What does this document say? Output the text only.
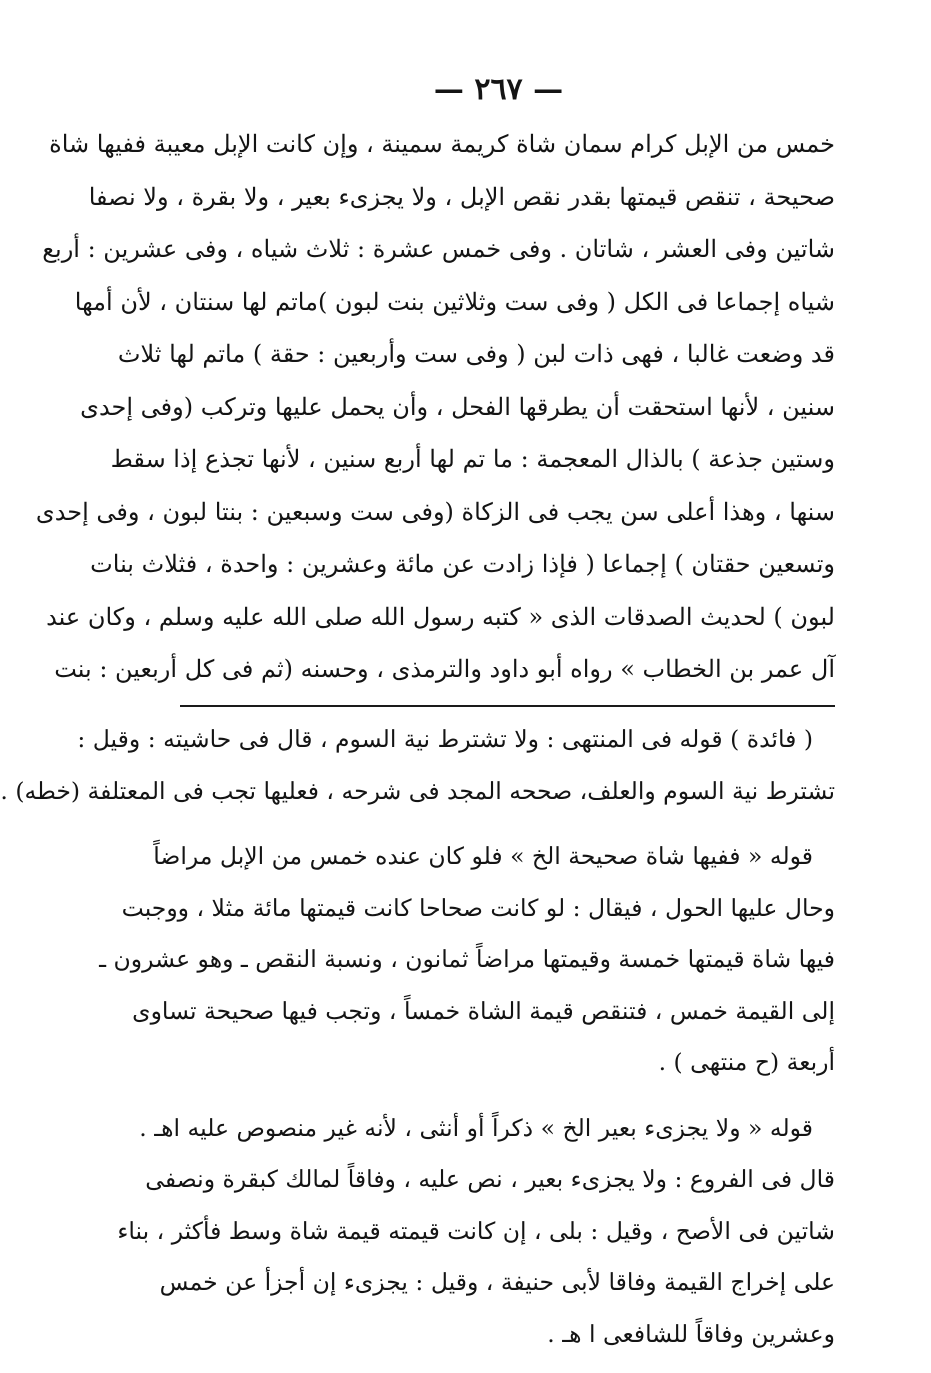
— ٢٦٧ —
خمس من الإبل كرام سمان شاة كريمة سمينة ، وإن كانت الإبل معيبة ففيها شاة
صحيحة ، تنقص قيمتها بقدر نقص الإبل ، ولا يجزىء بعير ، ولا بقرة ، ولا نصفا
شاتين وفى العشر ، شاتان . وفى خمس عشرة : ثلاث شياه ، وفى عشرين : أربع
شياه إجماعا فى الكل ( وفى ست وثلاثين بنت لبون )ماتم لها سنتان ، لأن أمها
قد وضعت غالبا ، فهى ذات لبن ( وفى ست وأربعين : حقة ) ماتم لها ثلاث
سنين ، لأنها استحقت أن يطرقها الفحل ، وأن يحمل عليها وتركب (وفى إحدى
وستين جذعة ) بالذال المعجمة : ما تم لها أربع سنين ، لأنها تجذع إذا سقط
سنها ، وهذا أعلى سن يجب فى الزكاة (وفى ست وسبعين : بنتا لبون ، وفى إحدى
وتسعين حقتان ) إجماعا ( فإذا زادت عن مائة وعشرين : واحدة ، فثلاث بنات
لبون ) لحديث الصدقات الذى « كتبه رسول الله صلى الله عليه وسلم ، وكان عند
آل عمر بن الخطاب » رواه أبو داود والترمذى ، وحسنه (ثم فى كل أربعين : بنت
( فائدة ) قوله فى المنتهى : ولا تشترط نية السوم ، قال فى حاشيته : وقيل :
تشترط نية السوم والعلف، صححه المجد فى شرحه ، فعليها تجب فى المعتلفة (خطه) .
قوله « ففيها شاة صحيحة الخ » فلو كان عنده خمس من الإبل مراضاً
وحال عليها الحول ، فيقال : لو كانت صحاحا كانت قيمتها مائة مثلا ، ووجبت
فيها شاة قيمتها خمسة وقيمتها مراضاً ثمانون ، ونسبة النقص ـ وهو عشرون ـ
إلى القيمة خمس ، فتنقص قيمة الشاة خمساً ، وتجب فيها صحيحة تساوى
أربعة (ح منتهى ) .
قوله « ولا يجزىء بعير الخ » ذكراً أو أنثى ، لأنه غير منصوص عليه اهـ .
قال فى الفروع : ولا يجزىء بعير ، نص عليه ، وفاقاً لمالك كبقرة ونصفى
شاتين فى الأصح ، وقيل : بلى ، إن كانت قيمته قيمة شاة وسط فأكثر ، بناء
على إخراج القيمة وفاقا لأبى حنيفة ، وقيل : يجزىء إن أجزأ عن خمس
وعشرين وفاقاً للشافعى ا هـ .
